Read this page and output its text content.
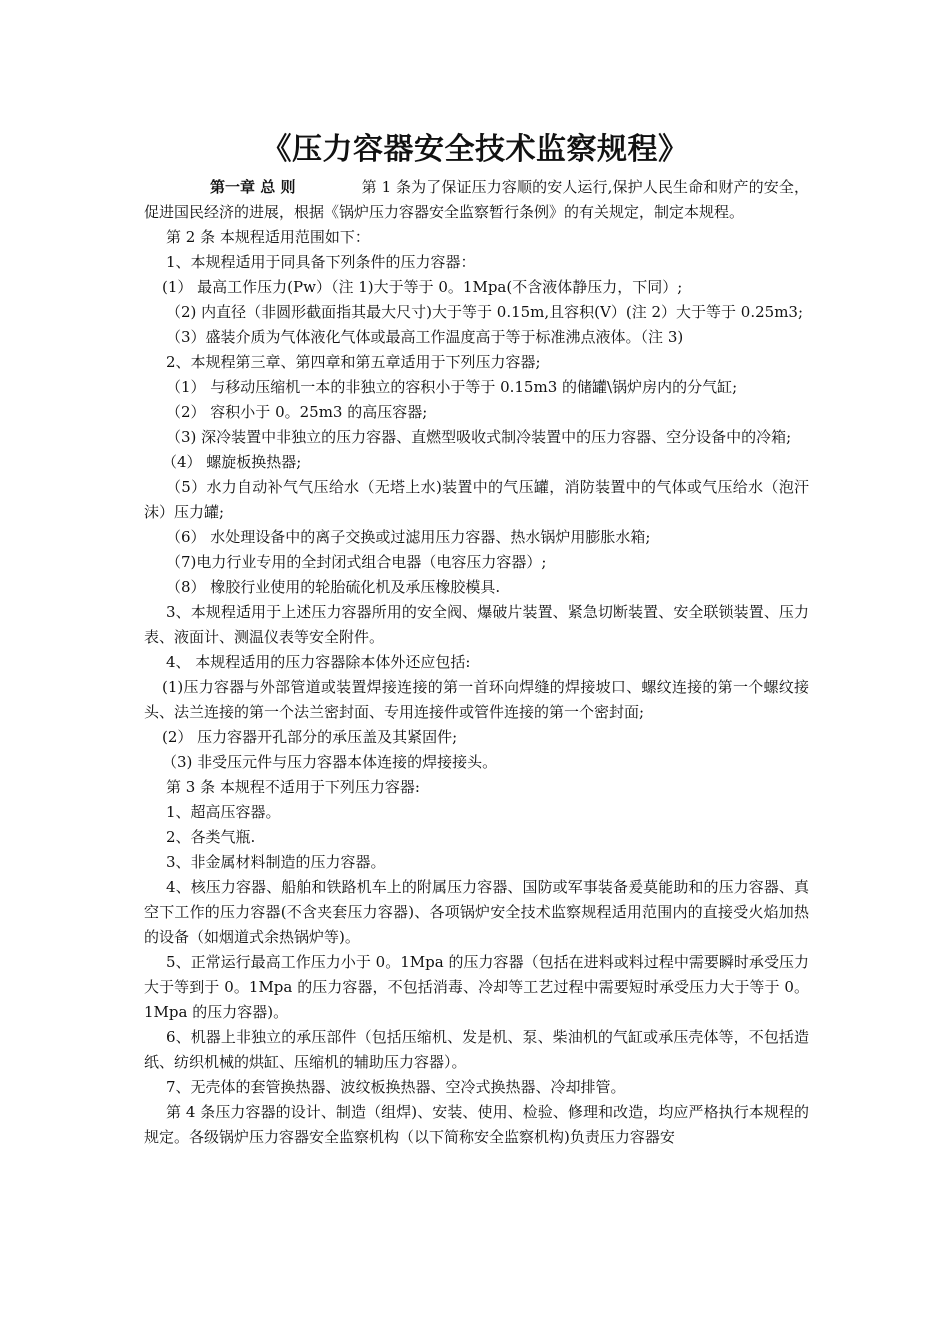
《压力容器安全技术监察规程》

第一章 总 则	第 1 条为了保证压力容顺的安人运行,保护人民生命和财产的安全，促进国民经济的进展，根据《锅炉压力容器安全监察暂行条例》的有关规定，制定本规程。

第 2 条 本规程适用范围如下：

1、本规程适用于同具备下列条件的压力容器：

(1） 最高工作压力(Pw）（注 1)大于等于 0。1Mpa(不含液体静压力，下同）;

（2) 内直径（非圆形截面指其最大尺寸)大于等于 0.15m,且容积(V）(注 2）大于等于 0.25m3;

（3）盛装介质为气体液化气体或最高工作温度高于等于标准沸点液体。（注 3)

2、本规程第三章、第四章和第五章适用于下列压力容器;

（1） 与移动压缩机一本的非独立的容积小于等于 0.15m3 的储罐\锅炉房内的分气缸;

（2） 容积小于 0。25m3 的高压容器;

（3) 深冷装置中非独立的压力容器、直燃型吸收式制冷装置中的压力容器、空分设备中的冷箱;

（4） 螺旋板换热器;

（5）水力自动补气气压给水（无塔上水)装置中的气压罐，消防装置中的气体或气压给水（泡汗沫）压力罐;

（6） 水处理设备中的离子交换或过滤用压力容器、热水锅炉用膨胀水箱;

（7)电力行业专用的全封闭式组合电器（电容压力容器）;

（8） 橡胶行业使用的轮胎硫化机及承压橡胶模具.

3、本规程适用于上述压力容器所用的安全阀、爆破片装置、紧急切断装置、安全联锁装置、压力表、液面计、测温仪表等安全附件。

4、 本规程适用的压力容器除本体外还应包括:

(1)压力容器与外部管道或装置焊接连接的第一首环向焊缝的焊接坡口、螺纹连接的第一个螺纹接头、法兰连接的第一个法兰密封面、专用连接件或管件连接的第一个密封面;

(2） 压力容器开孔部分的承压盖及其紧固件;

（3) 非受压元件与压力容器本体连接的焊接接头。

第 3 条 本规程不适用于下列压力容器:

1、超高压容器。

2、各类气瓶.

3、非金属材料制造的压力容器。

4、核压力容器、船舶和铁路机车上的附属压力容器、国防或军事装备爰莫能助和的压力容器、真空下工作的压力容器(不含夹套压力容器)、各项锅炉安全技术监察规程适用范围内的直接受火焰加热的设备（如烟道式余热锅炉等)。

5、正常运行最高工作压力小于 0。1Mpa 的压力容器（包括在进料或料过程中需要瞬时承受压力大于等到于 0。1Mpa 的压力容器，不包括消毒、冷却等工艺过程中需要短时承受压力大于等于 0。1Mpa 的压力容器)。

6、机器上非独立的承压部件（包括压缩机、发是机、泵、柴油机的气缸或承压壳体等，不包括造纸、纺织机械的烘缸、压缩机的辅助压力容器）。

7、无壳体的套管换热器、波纹板换热器、空冷式换热器、冷却排管。

第 4 条压力容器的设计、制造（组焊)、安装、使用、检验、修理和改造，均应严格执行本规程的规定。各级锅炉压力容器安全监察机构（以下简称安全监察机构)负责压力容器安
